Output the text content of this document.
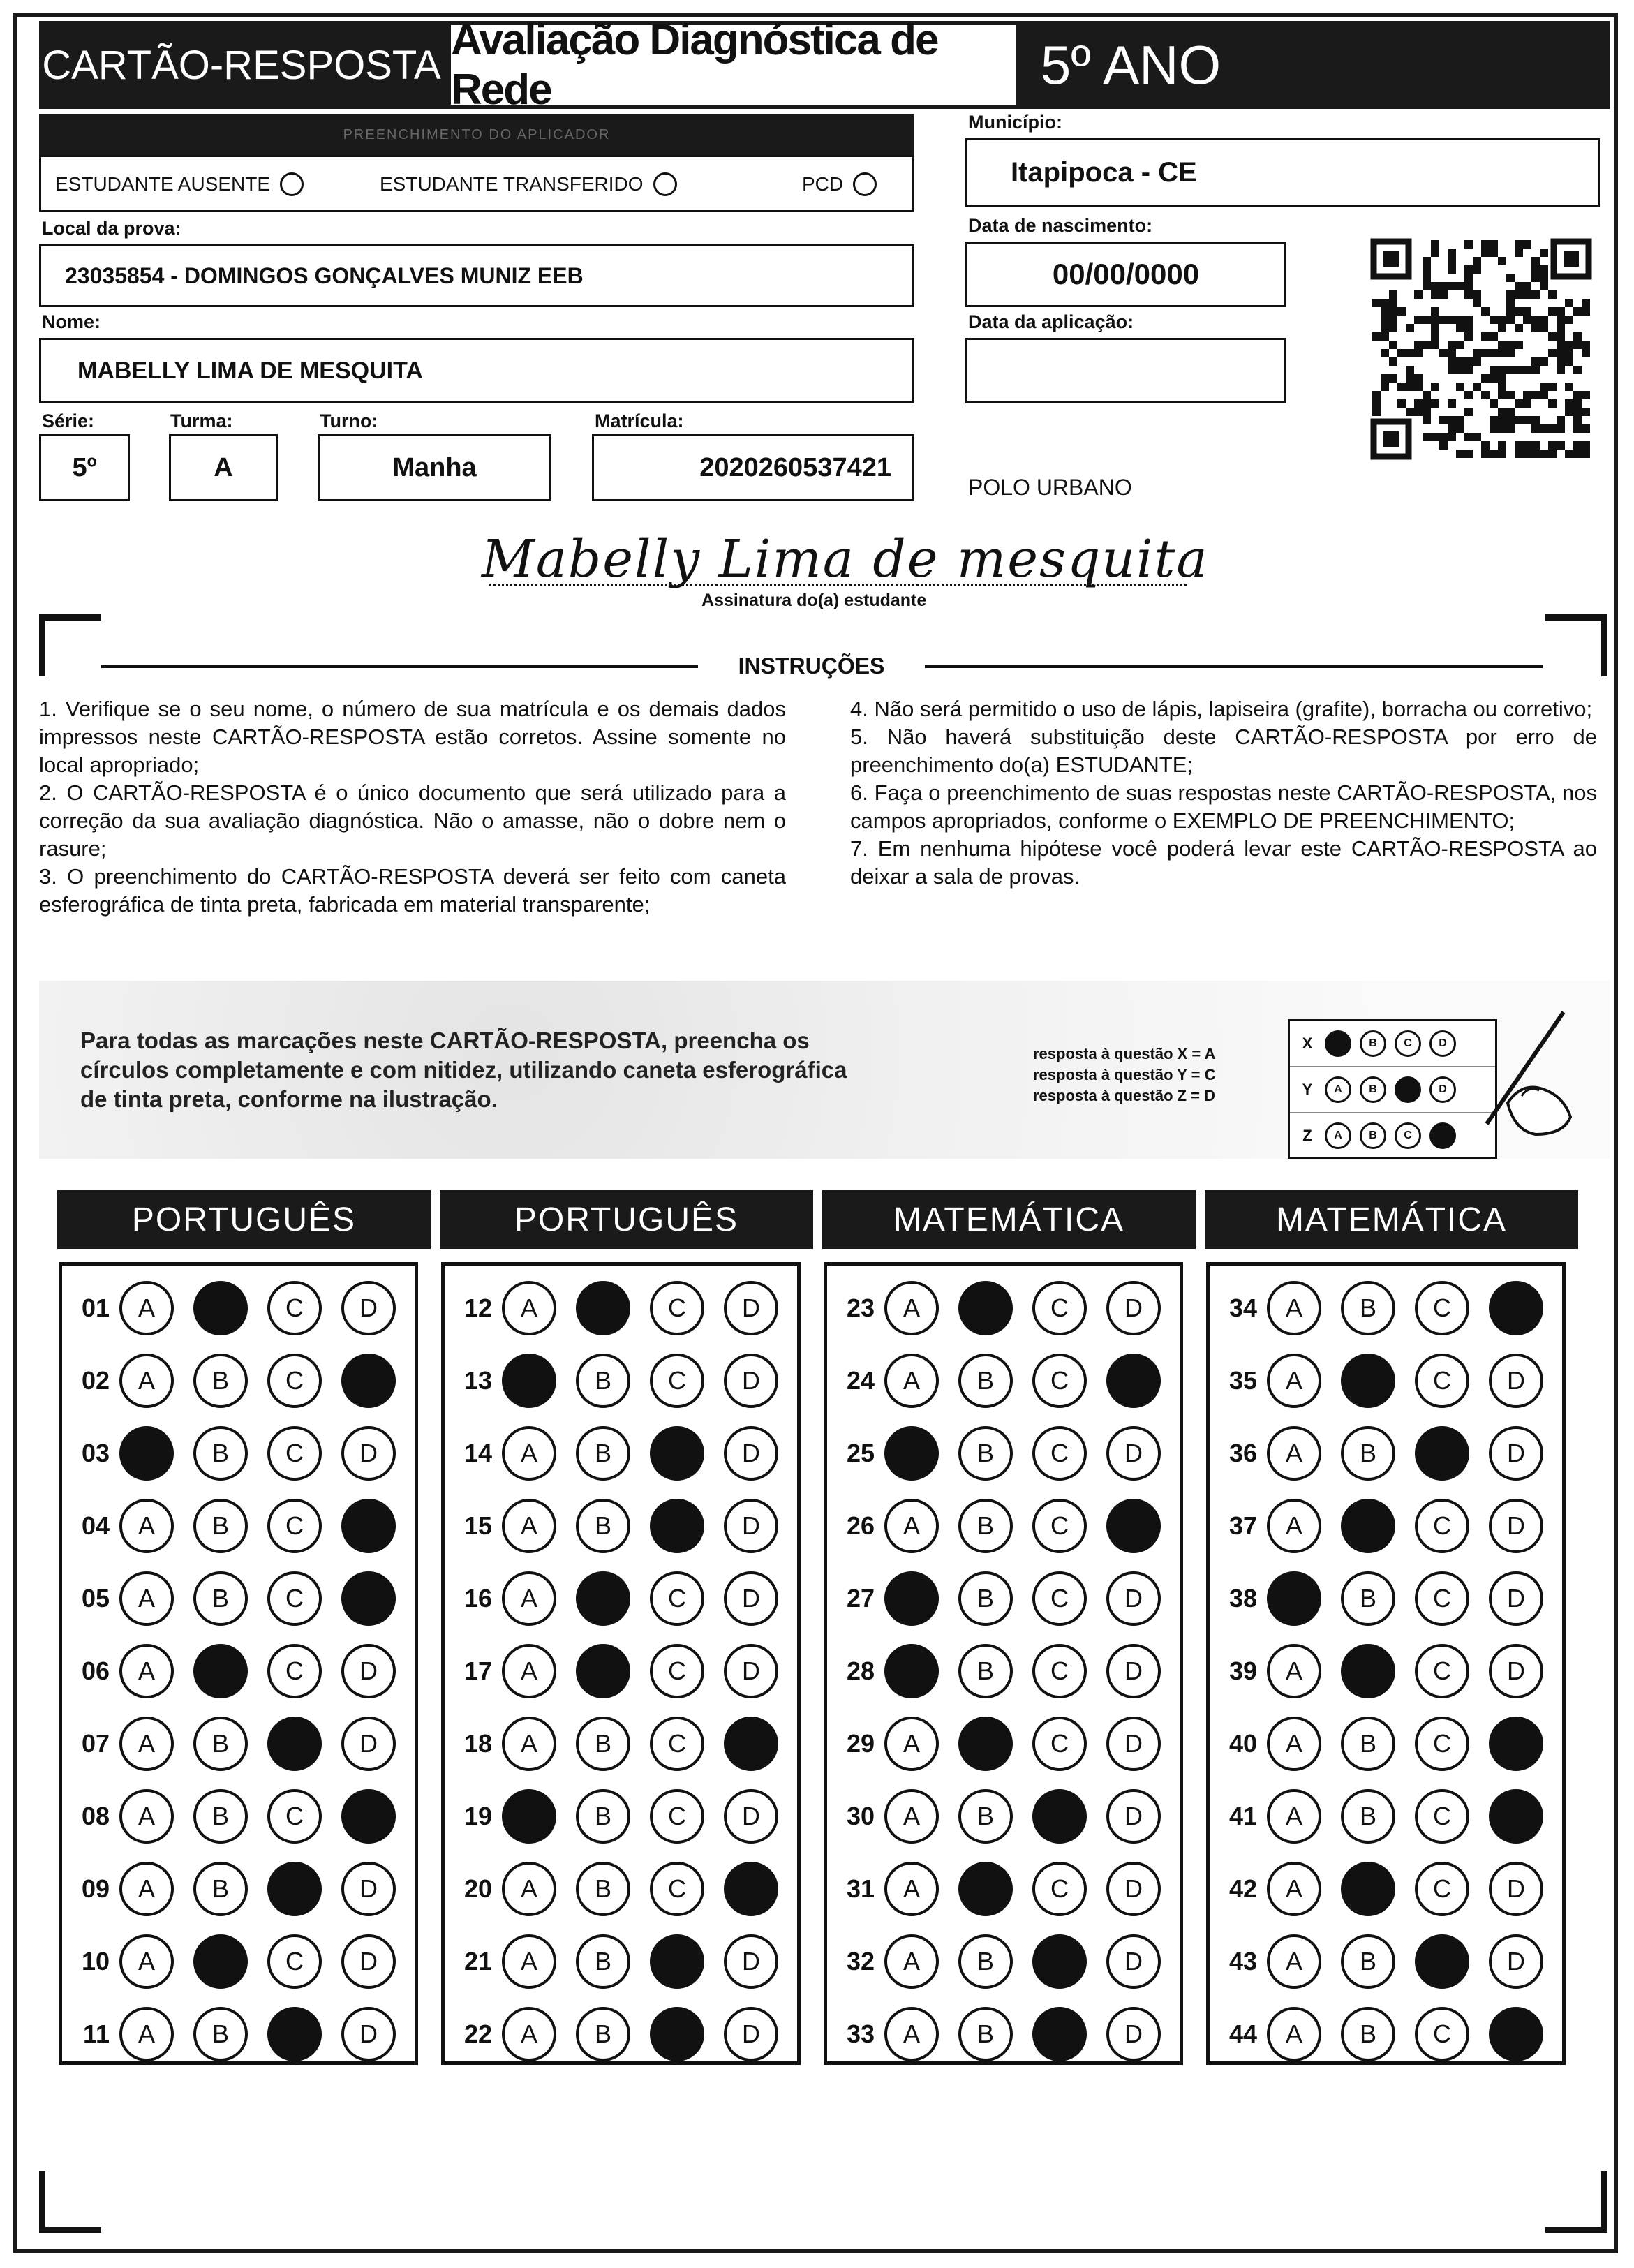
CARTÃO-RESPOSTA
Avaliação Diagnóstica de Rede	5º ANO
PREENCHIMENTO DO APLICADOR
ESTUDANTE AUSENTE	ESTUDANTE TRANSFERIDO	PCD
Local da prova:
23035854 - DOMINGOS GONÇALVES MUNIZ EEB
Nome:
MABELLY LIMA DE MESQUITA
Série:
5º
Turma:
A
Turno:
Manha
Matrícula:
2020260537421
Município:
Itapipoca - CE
Data de nascimento:
00/00/0000
Data da aplicação:
POLO URBANO
Mabelly Lima de mesquita
Assinatura do(a) estudante
INSTRUÇÕES

1. Verifique se o seu nome, o número de sua matrícula e os demais dados impressos neste CARTÃO-RESPOSTA estão corretos. Assine somente no local apropriado;

2. O CARTÃO-RESPOSTA é o único documento que será utilizado para a correção da sua avaliação diagnóstica. Não o amasse, não o dobre nem o rasure;

3. O preenchimento do CARTÃO-RESPOSTA deverá ser feito com caneta esferográfica de tinta preta, fabricada em material transparente;

4. Não será permitido o uso de lápis, lapiseira (grafite), borracha ou corretivo;

5. Não haverá substituição deste CARTÃO-RESPOSTA por erro de preenchimento do(a) ESTUDANTE;

6. Faça o preenchimento de suas respostas neste CARTÃO-RESPOSTA, nos campos apropriados, conforme o EXEMPLO DE PREENCHIMENTO;

7. Em nenhuma hipótese você poderá levar este CARTÃO-RESPOSTA ao deixar a sala de provas.

Para todas as marcações neste CARTÃO-RESPOSTA, preencha os círculos completamente e com nitidez, utilizando caneta esferográfica de tinta preta, conforme na ilustração.
resposta à questão X = A
resposta à questão Y = C
resposta à questão Z = D
X	A	B	C	D
Y	A	B	C	D
Z	A	B	C	D
PORTUGUÊS
01	A	B	C	D
02	A	B	C	D
03	A	B	C	D
04	A	B	C	D
05	A	B	C	D
06	A	B	C	D
07	A	B	C	D
08	A	B	C	D
09	A	B	C	D
10	A	B	C	D
11	A	B	C	D
PORTUGUÊS
12	A	B	C	D
13	A	B	C	D
14	A	B	C	D
15	A	B	C	D
16	A	B	C	D
17	A	B	C	D
18	A	B	C	D
19	A	B	C	D
20	A	B	C	D
21	A	B	C	D
22	A	B	C	D
MATEMÁTICA
23	A	B	C	D
24	A	B	C	D
25	A	B	C	D
26	A	B	C	D
27	A	B	C	D
28	A	B	C	D
29	A	B	C	D
30	A	B	C	D
31	A	B	C	D
32	A	B	C	D
33	A	B	C	D
MATEMÁTICA
34	A	B	C	D
35	A	B	C	D
36	A	B	C	D
37	A	B	C	D
38	A	B	C	D
39	A	B	C	D
40	A	B	C	D
41	A	B	C	D
42	A	B	C	D
43	A	B	C	D
44	A	B	C	D
